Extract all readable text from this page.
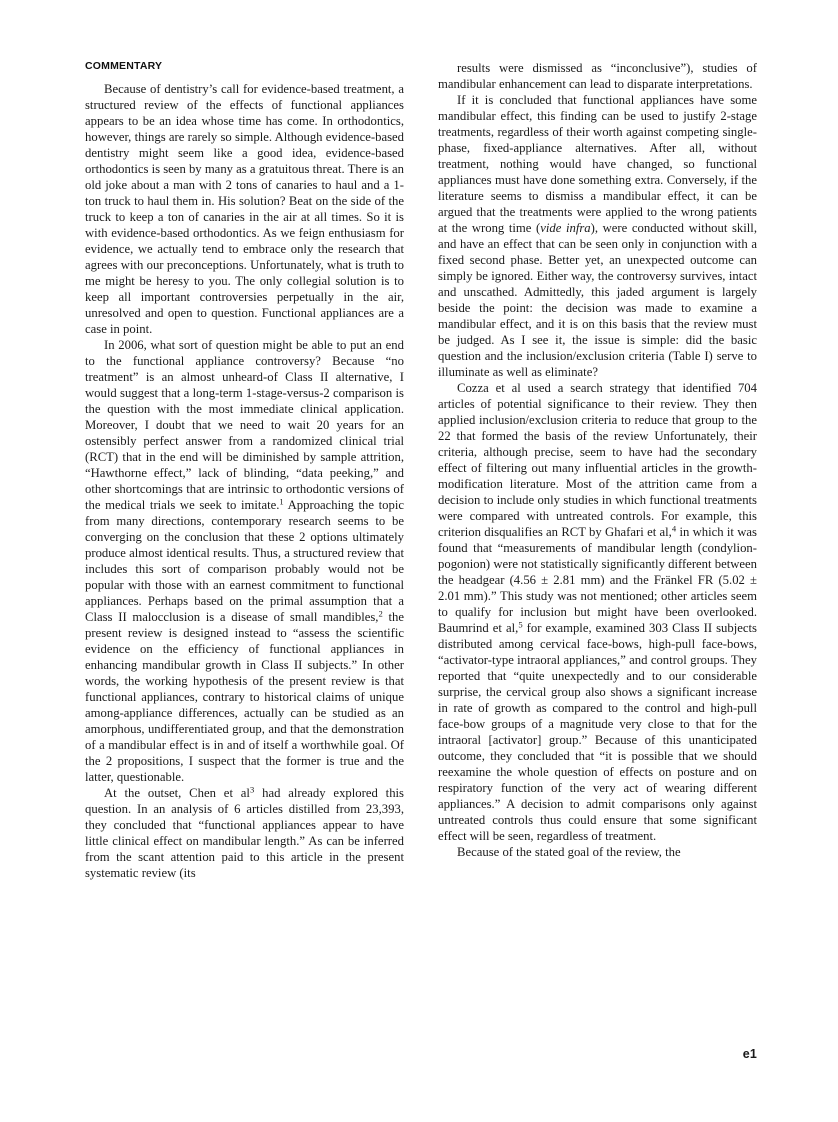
COMMENTARY

Because of dentistry’s call for evidence-based treatment, a structured review of the effects of functional appliances appears to be an idea whose time has come. In orthodontics, however, things are rarely so simple. Although evidence-based dentistry might seem like a good idea, evidence-based orthodontics is seen by many as a gratuitous threat. There is an old joke about a man with 2 tons of canaries to haul and a 1-ton truck to haul them in. His solution? Beat on the side of the truck to keep a ton of canaries in the air at all times. So it is with evidence-based orthodontics. As we feign enthusiasm for evidence, we actually tend to embrace only the research that agrees with our preconceptions. Unfortunately, what is truth to me might be heresy to you. The only collegial solution is to keep all important controversies perpetually in the air, unresolved and open to question. Functional appliances are a case in point.

In 2006, what sort of question might be able to put an end to the functional appliance controversy? Because “no treatment” is an almost unheard-of Class II alternative, I would suggest that a long-term 1-stage-versus-2 comparison is the question with the most immediate clinical application. Moreover, I doubt that we need to wait 20 years for an ostensibly perfect answer from a randomized clinical trial (RCT) that in the end will be diminished by sample attrition, “Hawthorne effect,” lack of blinding, “data peeking,” and other shortcomings that are intrinsic to orthodontic versions of the medical trials we seek to imitate.$^1$ Approaching the topic from many directions, contemporary research seems to be converging on the conclusion that these 2 options ultimately produce almost identical results. Thus, a structured review that includes this sort of comparison probably would not be popular with those with an earnest commitment to functional appliances. Perhaps based on the primal assumption that a Class II malocclusion is a disease of small mandibles,$^2$ the present review is designed instead to “assess the scientific evidence on the efficiency of functional appliances in enhancing mandibular growth in Class II subjects.” In other words, the working hypothesis of the present review is that functional appliances, contrary to historical claims of unique among-appliance differences, actually can be studied as an amorphous, undifferentiated group, and that the demonstration of a mandibular effect is in and of itself a worthwhile goal. Of the 2 propositions, I suspect that the former is true and the latter, questionable.

At the outset, Chen et $al^3$ had already explored this question. In an analysis of 6 articles distilled from 23,393, they concluded that “functional appliances appear to have little clinical effect on mandibular length.” As can be inferred from the scant attention paid to this article in the present systematic review (its

results were dismissed as “inconclusive”), studies of mandibular enhancement can lead to disparate interpretations.

If it is concluded that functional appliances have some mandibular effect, this finding can be used to justify 2-stage treatments, regardless of their worth against competing single-phase, fixed-appliance alternatives. After all, without treatment, nothing would have changed, so functional appliances must have done something extra. Conversely, if the literature seems to dismiss a mandibular effect, it can be argued that the treatments were applied to the wrong patients at the wrong time (vide infra), were conducted without skill, and have an effect that can be seen only in conjunction with a fixed second phase. Better yet, an unexpected outcome can simply be ignored. Either way, the controversy survives, intact and unscathed. Admittedly, this jaded argument is largely beside the point: the decision was made to examine a mandibular effect, and it is on this basis that the review must be judged. As I see it, the issue is simple: did the basic question and the inclusion/exclusion criteria (Table I) serve to illuminate as well as eliminate?

Cozza et al used a search strategy that identified 704 articles of potential significance to their review. They then applied inclusion/exclusion criteria to reduce that group to the 22 that formed the basis of the review Unfortunately, their criteria, although precise, seem to have had the secondary effect of filtering out many influential articles in the growth-modification literature. Most of the attrition came from a decision to include only studies in which functional treatments were compared with untreated controls. For example, this criterion disqualifies an RCT by Ghafari et al,$^4$ in which it was found that “measurements of mandibular length (condylion-pogonion) were not statistically significantly different between the headgear (4.56 ± 2.81 mm) and the Fränkel FR (5.02 ± 2.01 mm).” This study was not mentioned; other articles seem to qualify for inclusion but might have been overlooked. Baumrind et al,$^5$ for example, examined 303 Class II subjects distributed among cervical face-bows, high-pull face-bows, “activator-type intraoral appliances,” and control groups. They reported that “quite unexpectedly and to our considerable surprise, the cervical group also shows a significant increase in rate of growth as compared to the control and high-pull face-bow groups of a magnitude very close to that for the intraoral [activator] group.” Because of this unanticipated outcome, they concluded that “it is possible that we should reexamine the whole question of effects on posture and on respiratory function of the very act of wearing different appliances.” A decision to admit comparisons only against untreated controls thus could ensure that some significant effect will be seen, regardless of treatment.

Because of the stated goal of the review, the

e1
